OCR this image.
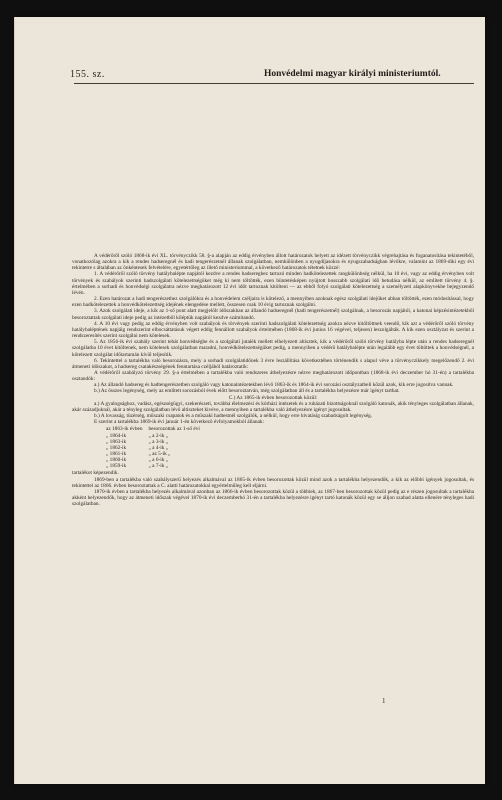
155. sz.	Honvédelmi magyar királyi ministeriumtól.

A védérőről szóló 1868-ik évi XL. törvényczikk 58. §-a alapján az eddig érvényben állott határozatok helyett az idézett törvényczikk végrehajtása és foganatosítása tekintetéből, vonatkozólag azokra a kik a rendes hadseregnél és hadi tengerészetnél állanak szolgálatban, nemkülönben a nyugdíjasokra és nyugszabadságban lévőkre, valamint az 1869-diki egy évi tekintetre s általában az önkéntesek felvételére, egyetértőleg az illető ministeriummal, a következő határozatok tétetnek közzé:

1. A védérőről szóló törvény hatálybalépte napjától kezdve a rendes hadseregbez tartozó minden hadkötelezettek rangkülönbség nélkül, ha 10 évi, vagy az eddig érvényben volt törvények és szabályok szerinti hadszolgálati kötelezettségüket még ki nem töltötték, ezen büntetésképen nyújtott hosszabb szolgálati idő betudása nélkül, az említett törvény 4. §. értelmében a sorhadi és honvédségi szolgálatra nézve meghatározott 12 évi időt tartoznak kitölteni — az ebből folyó szolgálati kötelezettség a személyzeti alapkönyvekbe bejegyzendő lévén.

2. Ezen határozat a hadi tengerészethez szolgálókra és a honvédelem czéljaira is kötelező, a mennyiben azoknak egész szolgálati idejüket abban töltötték, ezen módosítással, hogy ezen hadkötelezettek a honvédkötelezettség idejének elengedése mellett, összesen csak 10 évig tartoznak szolgálni.

3. Azok szolgálati ideje, a kik az 1-ső pont alatt megjelölt időszakban az állandó hadseregnél (hadi tengerészetnél) szolgálnak, a besorozás napjától, a katonai képzésintézetekből besoroztattak szolgálati ideje pedig az intézetből kiléptük napjától kezdve számítandó.

4. A 10 évi vagy pedig az eddig érvényben volt szabályok és törvények szerinti hadszolgálati kötelezettség azokra nézve kitöltöttnek veendő, kik azt a védérőről szóló törvény hatálybaléptének napjáig rendszerint elbocsáttatásuk végett eddig fennállott szabályok értelmében (1868-ik évi junius 16 végével, teljesen) leszolgálták. A kik ezen osztályzat és szerint a rendszeresítés szerint szolgálni nem kötelesek.

5. Az 1856-ik évi szabály szerint tehát honvédségbe és a szolgálati jutalék mellett elhelyezett altisztek, kik a védérőről szóló törvény hatályba lépte után a rendes hadseregnél szolgálatba 10 évet kitöltenek, nem kötelesek szolgálatban maradni, honvédkötelezettségüket pedig, a mennyiben a védérő hatálybalépte után legalább egy évet töltöttek a honvédségnél, a kötelezett szolgálat időtartamán kívül teljesítik.

6. Tekintettel a tartalékba való besorozásra, mely a sorhadi szolgálatidőnek 3 évre leszállítása következtében történendik s alapul véve a törvényczikkely megelőzendő 2. évi átmeneti időszakot, a hadsereg csatakészségének fenntartása czéljából határoztatik:

A védérőről szabályzó törvény 29. §-a értelmében a tartalékba való rendszeres áthelyezésre nézve meghatározott időpontban (1868-ik évi deczember hó 31-én) a tartalékba osztandók:

a.) Az állandó hadsereg és hadtengerészetben szolgáló vagy katonaintézetekben lévő 1863-ik és 1864-ik évi sorozási osztályzatbeli közül azok, kik erre jogosítva vannak.

b.) Az összes legénység, mely az említett sorozásból évek előtt besoroztatván, még szolgálatban áll és a tartalékba helyezésre már igényt tarthat.

C.) Az 1865-ik évben besorozottak közül:

a.) A gyalogsághoz, vadász, egészségügyi, szekerészeti, továbbá élelmezési és kórházi intézetek és a ruházati bizottságoknál szolgáló katonák, akik tényleges szolgálatban állanak, akár századjuknál, akár a tényleg szolgálatban lévő altiszteket kivéve, a mennyiben a tartalékba való áthelyezésre igényt jogosultak.

b.) A lovasság, tüzérség, műszaki csapatok és a műszaki hadtestnél szolgálók, a nélkül, hogy erre hivatásig szabadságolt legénység.

E szerint a tartalékba 1869-ik évi január 1-én következő évfolyamokból állanak:

az 1863-ik évben	besorozottak az 1-ső évi
„ 1864-ik	„ a 2-ik „
„ 1863-ik	„ a 3-ik „
„ 1862-ik	„ a 4-ik „
„ 1861-ik	„ az 5-ik „
„ 1860-ik	„ a 6-ik „
„ 1859-ik	„ a 7-ik „

tartalékot képezendik.

1869-ben a tartalékba való szabályszerű helyezés alkalmával az 1865-ik évben besorozottak közül mind azok a tartalékba helyezendők, a kik az előbbi igények jogosultak, és tekintettel az 1866. évben besoroztattak a C. alatti határozatokkal egyértelműleg kell eljárni.

1870-ik évben a tartalékba helyezés alkalmával azonban az 1866-ik évben besorozottak közül a többiek, az 1867-ben besorozottak közül pedig az e részen jogosultak a tartalékba akként helyezendők, hogy az átmeneti időszak végével 1870-ik évi deczemberhó 31-én a tartalékba helyezésre igényt tartó katonák közül egy se álljon szabad alatta ellenére tényleges hadi szolgálatban.

1
